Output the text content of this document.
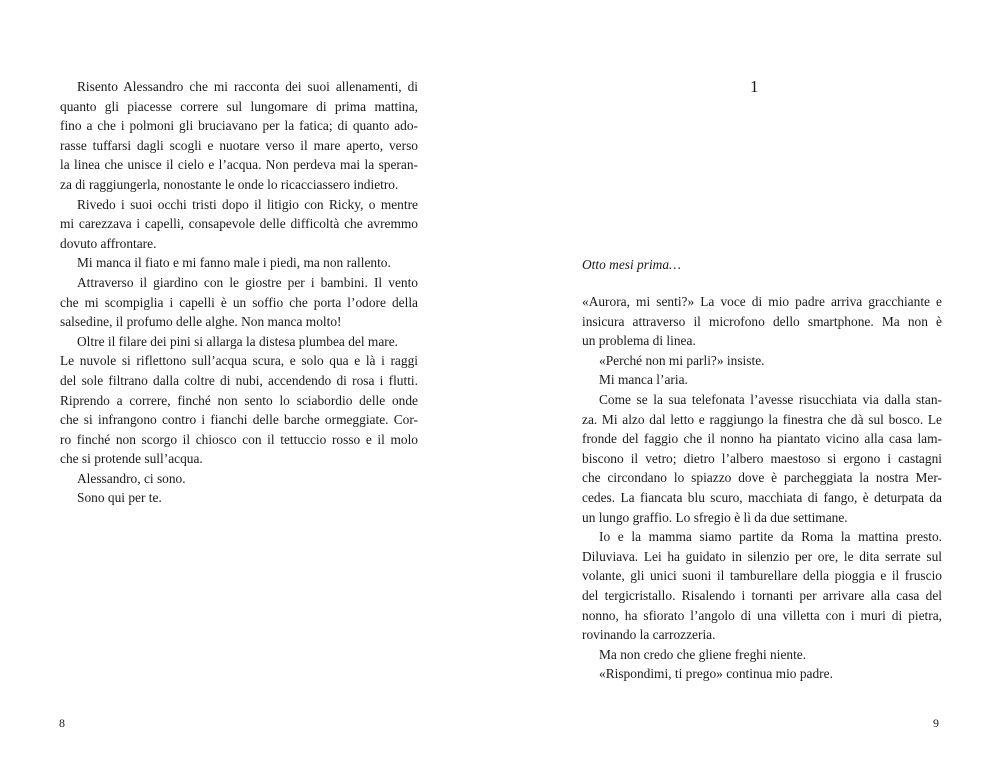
Risento Alessandro che mi racconta dei suoi allenamenti, di
quanto gli piacesse correre sul lungomare di prima mattina,
fino a che i polmoni gli bruciavano per la fatica; di quanto ado-
rasse tuffarsi dagli scogli e nuotare verso il mare aperto, verso
la linea che unisce il cielo e l’acqua. Non perdeva mai la speran-
za di raggiungerla, nonostante le onde lo ricacciassero indietro.
Rivedo i suoi occhi tristi dopo il litigio con Ricky, o mentre
mi carezzava i capelli, consapevole delle difficoltà che avremmo
dovuto affrontare.
Mi manca il fiato e mi fanno male i piedi, ma non rallento.
Attraverso il giardino con le giostre per i bambini. Il vento
che mi scompiglia i capelli è un soffio che porta l’odore della
salsedine, il profumo delle alghe. Non manca molto!
Oltre il filare dei pini si allarga la distesa plumbea del mare.
Le nuvole si riflettono sull’acqua scura, e solo qua e là i raggi
del sole filtrano dalla coltre di nubi, accendendo di rosa i flutti.
Riprendo a correre, finché non sento lo sciabordio delle onde
che si infrangono contro i fianchi delle barche ormeggiate. Cor-
ro finché non scorgo il chiosco con il tettuccio rosso e il molo
che si protende sull’acqua.
Alessandro, ci sono.
Sono qui per te.
8
1
Otto mesi prima…
«Aurora, mi senti?» La voce di mio padre arriva gracchiante e
insicura attraverso il microfono dello smartphone. Ma non è
un problema di linea.
«Perché non mi parli?» insiste.
Mi manca l’aria.
Come se la sua telefonata l’avesse risucchiata via dalla stan-
za. Mi alzo dal letto e raggiungo la finestra che dà sul bosco. Le
fronde del faggio che il nonno ha piantato vicino alla casa lam-
biscono il vetro; dietro l’albero maestoso si ergono i castagni
che circondano lo spiazzo dove è parcheggiata la nostra Mer-
cedes. La fiancata blu scuro, macchiata di fango, è deturpata da
un lungo graffio. Lo sfregio è lì da due settimane.
Io e la mamma siamo partite da Roma la mattina presto.
Diluviava. Lei ha guidato in silenzio per ore, le dita serrate sul
volante, gli unici suoni il tamburellare della pioggia e il fruscio
del tergicristallo. Risalendo i tornanti per arrivare alla casa del
nonno, ha sfiorato l’angolo di una villetta con i muri di pietra,
rovinando la carrozzeria.
Ma non credo che gliene freghi niente.
«Rispondimi, ti prego» continua mio padre.
9
